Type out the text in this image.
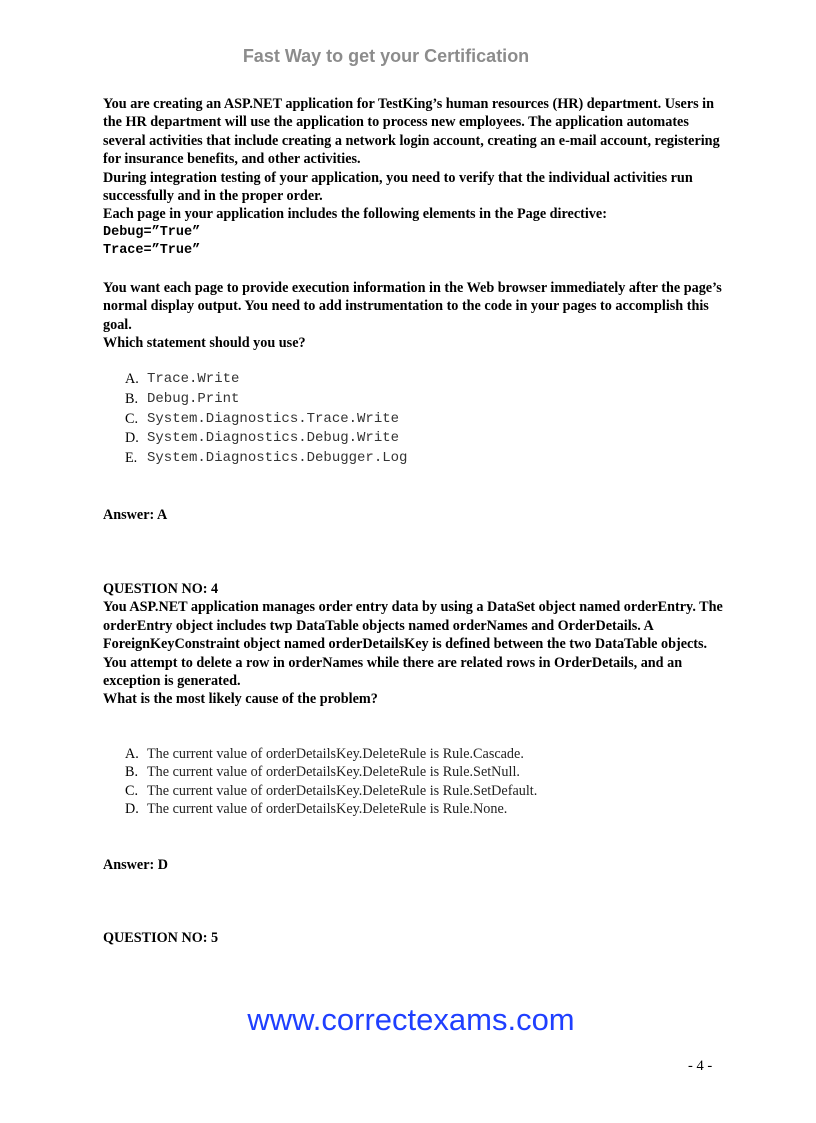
Fast Way to get your Certification

You are creating an ASP.NET application for TestKing’s human resources (HR) department. Users in the HR department will use the application to process new employees. The application automates several activities that include creating a network login account, creating an e-mail account, registering for insurance benefits, and other activities.

During integration testing of your application, you need to verify that the individual activities run successfully and in the proper order.

Each page in your application includes the following elements in the Page directive:

Debug=”True”

Trace=”True”

You want each page to provide execution information in the Web browser immediately after the page’s normal display output. You need to add instrumentation to the code in your pages to accomplish this goal.

Which statement should you use?

A. Trace.Write
B. Debug.Print
C. System.Diagnostics.Trace.Write
D. System.Diagnostics.Debug.Write
E. System.Diagnostics.Debugger.Log
Answer: A

QUESTION NO: 4

You ASP.NET application manages order entry data by using a DataSet object named orderEntry. The orderEntry object includes twp DataTable objects named orderNames and OrderDetails. A ForeignKeyConstraint object named orderDetailsKey is defined between the two DataTable objects.

You attempt to delete a row in orderNames while there are related rows in OrderDetails, and an exception is generated.

What is the most likely cause of the problem?

A. The current value of orderDetailsKey.DeleteRule is Rule.Cascade.
B. The current value of orderDetailsKey.DeleteRule is Rule.SetNull.
C. The current value of orderDetailsKey.DeleteRule is Rule.SetDefault.
D. The current value of orderDetailsKey.DeleteRule is Rule.None.
Answer: D
QUESTION NO: 5
www.correctexams.com
- 4 -
